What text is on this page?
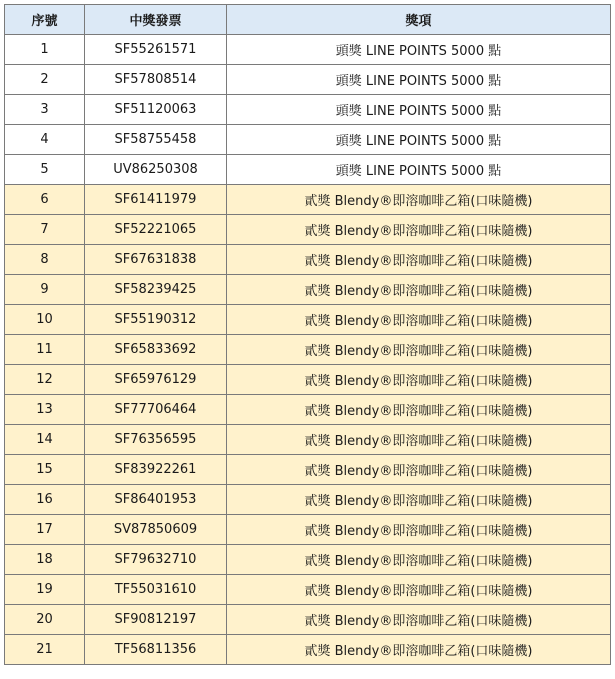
序號	中獎發票	獎項
1	SF55261571	頭獎 LINE POINTS 5000 點
2	SF57808514	頭獎 LINE POINTS 5000 點
3	SF51120063	頭獎 LINE POINTS 5000 點
4	SF58755458	頭獎 LINE POINTS 5000 點
5	UV86250308	頭獎 LINE POINTS 5000 點
6	SF61411979	貳獎 Blendy®即溶咖啡乙箱(口味隨機)
7	SF52221065	貳獎 Blendy®即溶咖啡乙箱(口味隨機)
8	SF67631838	貳獎 Blendy®即溶咖啡乙箱(口味隨機)
9	SF58239425	貳獎 Blendy®即溶咖啡乙箱(口味隨機)
10	SF55190312	貳獎 Blendy®即溶咖啡乙箱(口味隨機)
11	SF65833692	貳獎 Blendy®即溶咖啡乙箱(口味隨機)
12	SF65976129	貳獎 Blendy®即溶咖啡乙箱(口味隨機)
13	SF77706464	貳獎 Blendy®即溶咖啡乙箱(口味隨機)
14	SF76356595	貳獎 Blendy®即溶咖啡乙箱(口味隨機)
15	SF83922261	貳獎 Blendy®即溶咖啡乙箱(口味隨機)
16	SF86401953	貳獎 Blendy®即溶咖啡乙箱(口味隨機)
17	SV87850609	貳獎 Blendy®即溶咖啡乙箱(口味隨機)
18	SF79632710	貳獎 Blendy®即溶咖啡乙箱(口味隨機)
19	TF55031610	貳獎 Blendy®即溶咖啡乙箱(口味隨機)
20	SF90812197	貳獎 Blendy®即溶咖啡乙箱(口味隨機)
21	TF56811356	貳獎 Blendy®即溶咖啡乙箱(口味隨機)
